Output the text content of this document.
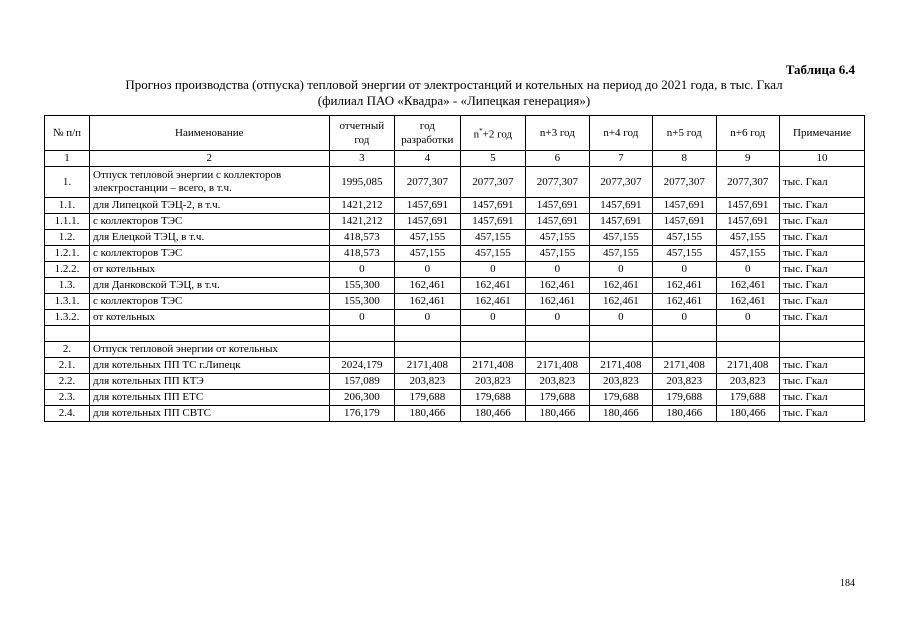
Таблица 6.4
Прогноз производства (отпуска) тепловой энергии от электростанций и котельных на период до 2021 года, в тыс. Гкал
(филиал ПАО «Квадра» - «Липецкая генерация»)
№ п/п	Наименование	отчетный год	год разработки	n*+2 год	n+3 год	n+4 год	n+5 год	n+6 год	Примечание
1	2	3	4	5	6	7	8	9	10
1.	Отпуск тепловой энергии с коллекторов электростанции – всего, в т.ч.	1995,085	2077,307	2077,307	2077,307	2077,307	2077,307	2077,307	тыс. Гкал
1.1.	для Липецкой ТЭЦ-2, в т.ч.	1421,212	1457,691	1457,691	1457,691	1457,691	1457,691	1457,691	тыс. Гкал
1.1.1.	с коллекторов ТЭС	1421,212	1457,691	1457,691	1457,691	1457,691	1457,691	1457,691	тыс. Гкал
1.2.	для Елецкой ТЭЦ, в т.ч.	418,573	457,155	457,155	457,155	457,155	457,155	457,155	тыс. Гкал
1.2.1.	с коллекторов ТЭС	418,573	457,155	457,155	457,155	457,155	457,155	457,155	тыс. Гкал
1.2.2.	от котельных	0	0	0	0	0	0	0	тыс. Гкал
1.3.	для Данковской ТЭЦ, в т.ч.	155,300	162,461	162,461	162,461	162,461	162,461	162,461	тыс. Гкал
1.3.1.	с коллекторов ТЭС	155,300	162,461	162,461	162,461	162,461	162,461	162,461	тыс. Гкал
1.3.2.	от котельных	0	0	0	0	0	0	0	тыс. Гкал

2.	Отпуск тепловой энергии от котельных								
2.1.	для котельных ПП ТС г.Липецк	2024,179	2171,408	2171,408	2171,408	2171,408	2171,408	2171,408	тыс. Гкал
2.2.	для котельных ПП КТЭ	157,089	203,823	203,823	203,823	203,823	203,823	203,823	тыс. Гкал
2.3.	для котельных ПП ЕТС	206,300	179,688	179,688	179,688	179,688	179,688	179,688	тыс. Гкал
2.4.	для котельных ПП СВТС	176,179	180,466	180,466	180,466	180,466	180,466	180,466	тыс. Гкал
184
